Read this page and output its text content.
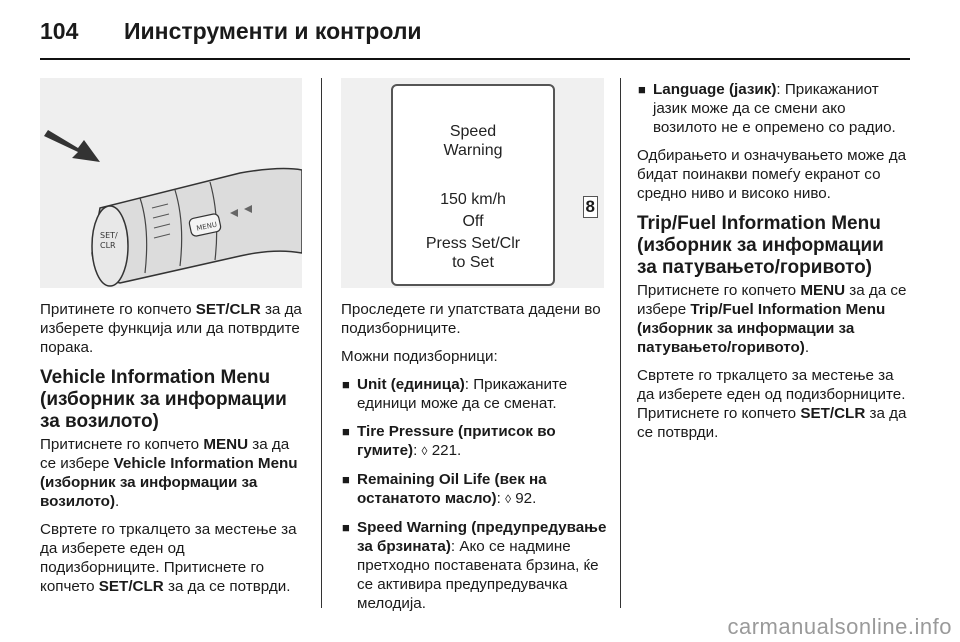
104 Иинструменти и контроли
MENU
SET/
CLR
Speed
Warning
150 km/h
Off
Press Set/Clr
to Set
8

Притинете го копчето SET/CLR за да изберете функција или да потврдите порака.

Vehicle Information Menu (изборник за информации за возилото)

Притиснете го копчето MENU за да се избере Vehicle Information Menu (изборник за информации за возилото).

Свртете го тркалцето за местење за да изберете еден од подизборниците. Притиснете го копчето SET/CLR за да се потврди.

Проследете ги упатствата дадени во подизборниците.

Можни подизборници:

■ Unit (единица): Прикажаните единици може да се сменат.
■ Tire Pressure (притисок во гумите): ◊ 221.
■ Remaining Oil Life (век на останатото масло): ◊ 92.
■ Speed Warning (предупредување за брзината): Ако се надмине претходно поставената брзина, ќе се активира предупредувачка мелодија.
■ Language (јазик): Прикажаниот јазик може да се смени ако возилото не е опремено со радио.

Одбирањето и означувањето може да бидат поинакви помеѓу екранот со средно ниво и високо ниво.

Trip/Fuel Information Menu (изборник за информации за патувањето/горивото)

Притиснете го копчето MENU за да се избере Trip/Fuel Information Menu (изборник за информации за патувањето/горивото).

Свртете го тркалцето за местење за да изберете еден од подизборниците. Притиснете го копчето SET/CLR за да се потврди.

carmanualsonline.info
